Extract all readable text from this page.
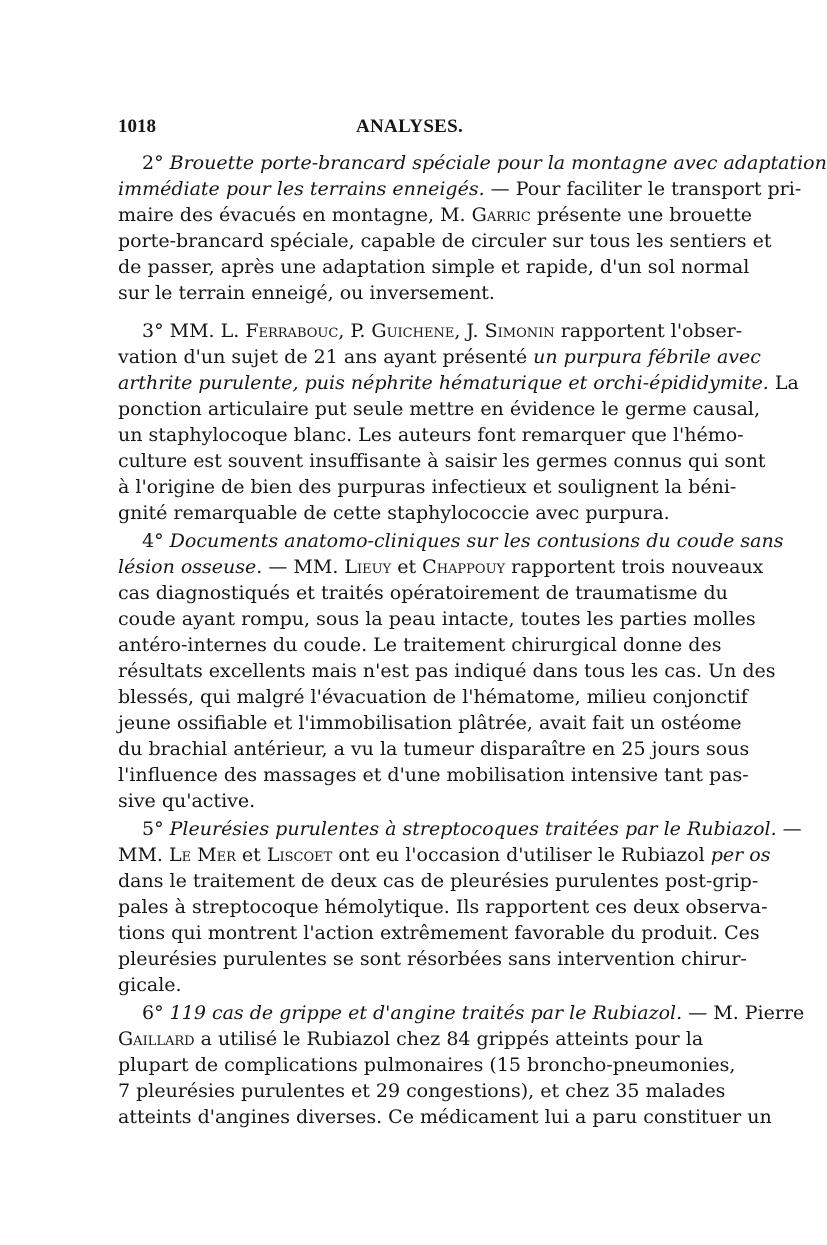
1018	ANALYSES.
2° Brouette porte-brancard spéciale pour la montagne avec adaptation
immédiate pour les terrains enneigés. — Pour faciliter le transport pri-
maire des évacués en montagne, M. Garric présente une brouette
porte-brancard spéciale, capable de circuler sur tous les sentiers et
de passer, après une adaptation simple et rapide, d'un sol normal
sur le terrain enneigé, ou inversement.
3° MM. L. Ferrabouc, P. Guichene, J. Simonin rapportent l'obser-
vation d'un sujet de 21 ans ayant présenté un purpura fébrile avec
arthrite purulente, puis néphrite hématurique et orchi-épididymite. La
ponction articulaire put seule mettre en évidence le germe causal,
un staphylocoque blanc. Les auteurs font remarquer que l'hémo-
culture est souvent insuffisante à saisir les germes connus qui sont
à l'origine de bien des purpuras infectieux et soulignent la béni-
gnité remarquable de cette staphylococcie avec purpura.
4° Documents anatomo-cliniques sur les contusions du coude sans
lésion osseuse. — MM. Lieuy et Chappouy rapportent trois nouveaux
cas diagnostiqués et traités opératoirement de traumatisme du
coude ayant rompu, sous la peau intacte, toutes les parties molles
antéro-internes du coude. Le traitement chirurgical donne des
résultats excellents mais n'est pas indiqué dans tous les cas. Un des
blessés, qui malgré l'évacuation de l'hématome, milieu conjonctif
jeune ossifiable et l'immobilisation plâtrée, avait fait un ostéome
du brachial antérieur, a vu la tumeur disparaître en 25 jours sous
l'influence des massages et d'une mobilisation intensive tant pas-
sive qu'active.
5° Pleurésies purulentes à streptocoques traitées par le Rubiazol. —
MM. Le Mer et Liscoet ont eu l'occasion d'utiliser le Rubiazol per os
dans le traitement de deux cas de pleurésies purulentes post-grip-
pales à streptocoque hémolytique. Ils rapportent ces deux observa-
tions qui montrent l'action extrêmement favorable du produit. Ces
pleurésies purulentes se sont résorbées sans intervention chirur-
gicale.
6° 119 cas de grippe et d'angine traités par le Rubiazol. — M. Pierre
Gaillard a utilisé le Rubiazol chez 84 grippés atteints pour la
plupart de complications pulmonaires (15 broncho-pneumonies,
7 pleurésies purulentes et 29 congestions), et chez 35 malades
atteints d'angines diverses. Ce médicament lui a paru constituer un
